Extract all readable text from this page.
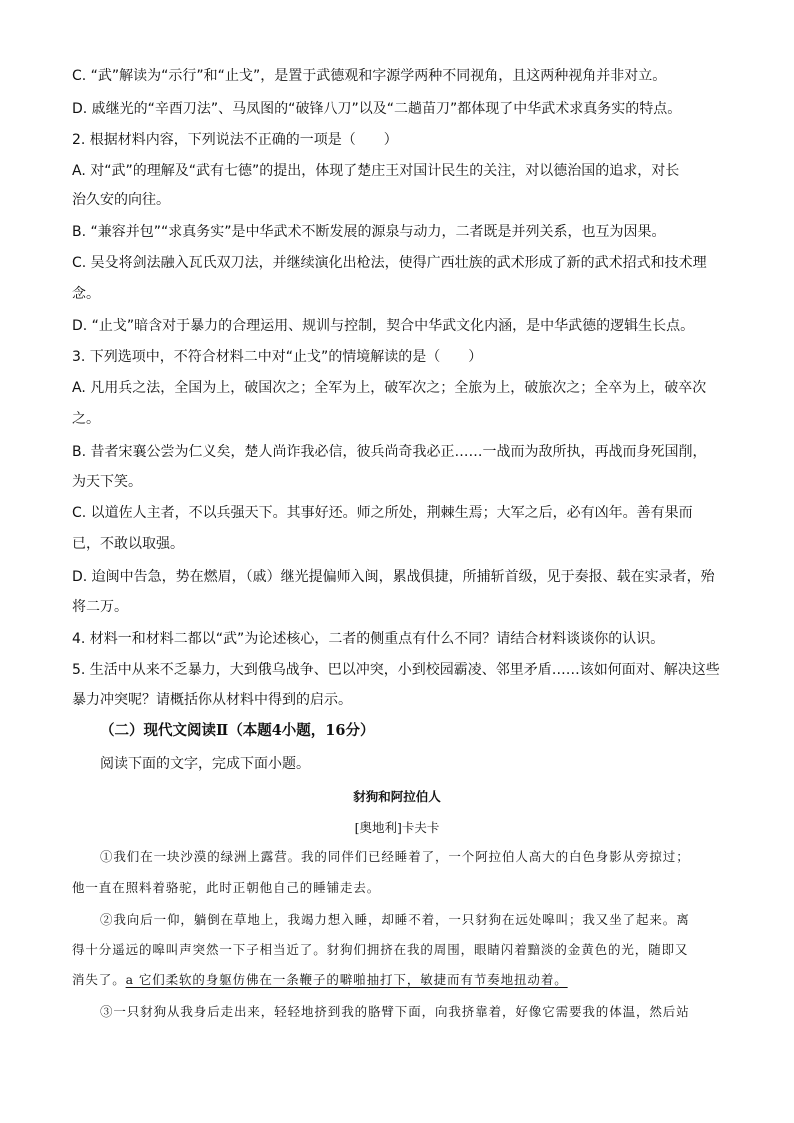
C. “武”解读为“示行”和“止戈”，是置于武德观和字源学两种不同视角，且这两种视角并非对立。
D. 戚继光的“辛酉刀法”、马凤图的“破锋八刀”以及“二趟苗刀”都体现了中华武术求真务实的特点。
2. 根据材料内容，下列说法不正确的一项是（　　）
A. 对“武”的理解及“武有七德”的提出，体现了楚庄王对国计民生的关注，对以德治国的追求，对长
治久安的向往。
B. “兼容并包”“求真务实”是中华武术不断发展的源泉与动力，二者既是并列关系，也互为因果。
C. 吴殳将剑法融入瓦氏双刀法，并继续演化出枪法，使得广西壮族的武术形成了新的武术招式和技术理
念。
D. “止戈”暗含对于暴力的合理运用、规训与控制，契合中华武文化内涵，是中华武德的逻辑生长点。
3. 下列选项中，不符合材料二中对“止戈”的情境解读的是（　　）
A. 凡用兵之法，全国为上，破国次之；全军为上，破军次之；全旅为上，破旅次之；全卒为上，破卒次
之。
B. 昔者宋襄公尝为仁义矣，楚人尚诈我必信，彼兵尚奇我必正……一战而为敌所执，再战而身死国削，
为天下笑。
C. 以道佐人主者，不以兵强天下。其事好还。师之所处，荆棘生焉；大军之后，必有凶年。善有果而
已，不敢以取强。
D. 迨闽中告急，势在燃眉，（戚）继光提偏师入闽，累战俱捷，所捕斩首级，见于奏报、载在实录者，殆
将二万。
4. 材料一和材料二都以“武”为论述核心，二者的侧重点有什么不同？请结合材料谈谈你的认识。
5. 生活中从来不乏暴力，大到俄乌战争、巴以冲突，小到校园霸凌、邻里矛盾……该如何面对、解决这些
暴力冲突呢？请概括你从材料中得到的启示。
（二）现代文阅读Ⅱ（本题4小题，16分）
阅读下面的文字，完成下面小题。
豺狗和阿拉伯人
[奥地利]卡夫卡
①我们在一块沙漠的绿洲上露营。我的同伴们已经睡着了，一个阿拉伯人高大的白色身影从旁掠过；
他一直在照料着骆驼，此时正朝他自己的睡铺走去。
②我向后一仰，躺倒在草地上，我竭力想入睡，却睡不着，一只豺狗在远处嗥叫；我又坐了起来。离
得十分遥远的嗥叫声突然一下子相当近了。豺狗们拥挤在我的周围，眼睛闪着黯淡的金黄色的光，随即又
消失了。a 它们柔软的身躯仿佛在一条鞭子的噼啪抽打下，敏捷而有节奏地扭动着。
③一只豺狗从我身后走出来，轻轻地挤到我的胳臂下面，向我挤靠着，好像它需要我的体温，然后站
